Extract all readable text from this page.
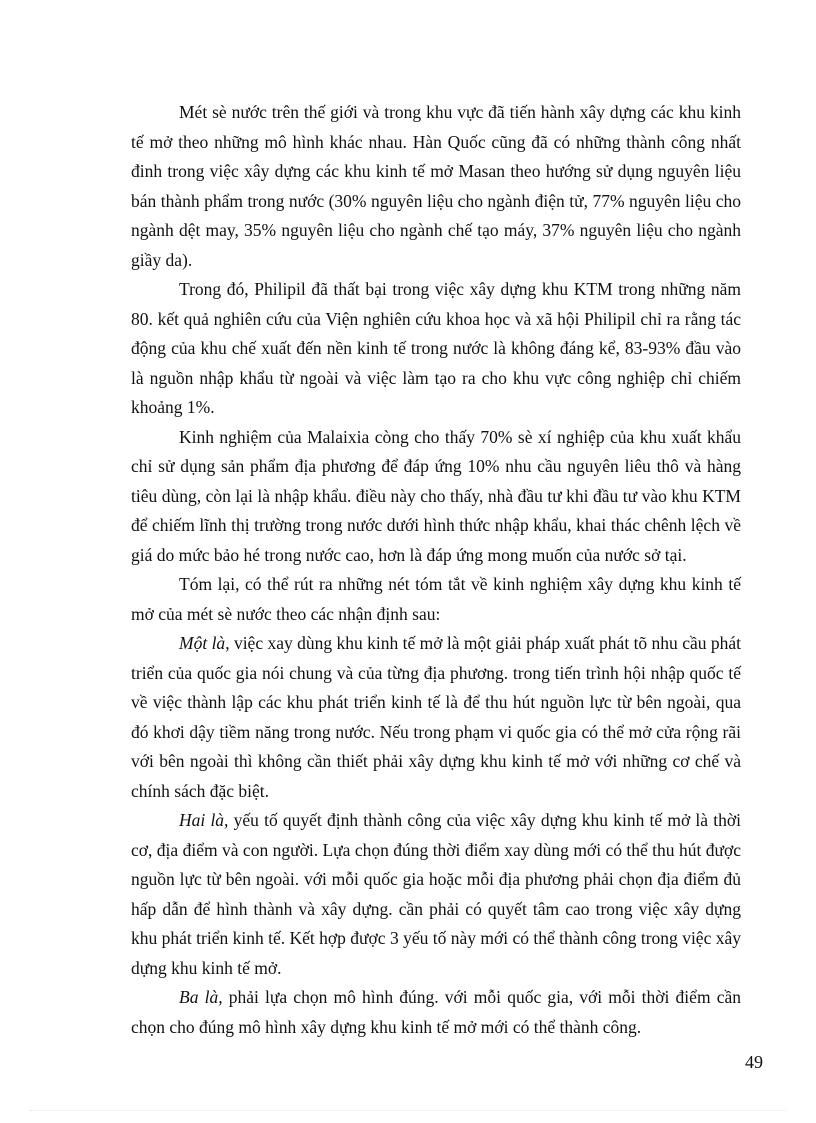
Mét sè nước trên thế giới và trong khu vực đã tiến hành xây dựng các khu kinh tế mở theo những mô hình khác nhau. Hàn Quốc cũng đã có những thành công nhất đinh trong việc xây dựng các khu kinh tế mở Masan theo hướng sử dụng nguyên liệu bán thành phẩm trong nước (30% nguyên liệu cho ngành điện tử, 77% nguyên liệu cho ngành dệt may, 35% nguyên liệu cho ngành chế tạo máy, 37% nguyên liệu cho ngành giầy da).

Trong đó, Philipil đã thất bại trong việc xây dựng khu KTM trong những năm 80. kết quả nghiên cứu của Viện nghiên cứu khoa học và xã hội Philipil chỉ ra rằng tác động của khu chế xuất đến nền kinh tế trong nước là không đáng kể, 83-93% đầu vào là nguồn nhập khẩu từ ngoài và việc làm tạo ra cho khu vực công nghiệp chỉ chiếm khoảng 1%.

Kinh nghiệm của Malaixia còng cho thấy 70% sè xí nghiệp của khu xuất khẩu chỉ sử dụng sản phẩm địa phương để đáp ứng 10% nhu cầu nguyên liêu thô và hàng tiêu dùng, còn lại là nhập khẩu. điều này cho thấy, nhà đầu tư khi đầu tư vào khu KTM để chiếm lĩnh thị trường trong nước dưới hình thức nhập khẩu, khai thác chênh lệch về giá do mức bảo hé trong nước cao, hơn là đáp ứng mong muốn của nước sở tại.

Tóm lại, có thể rút ra những nét tóm tắt về kinh nghiệm xây dựng khu kinh tế mở của mét sè nước theo các nhận định sau:

Một là, việc xay dùng khu kinh tế mở là một giải pháp xuất phát tõ nhu cầu phát triển của quốc gia nói chung và của từng địa phương. trong tiến trình hội nhập quốc tế về việc thành lập các khu phát triển kinh tế là để thu hút nguồn lực từ bên ngoài, qua đó khơi dậy tiềm năng trong nước. Nếu trong phạm vi quốc gia có thể mở cửa rộng rãi với bên ngoài thì không cần thiết phải xây dựng khu kinh tế mở với những cơ chế và chính sách đặc biệt.

Hai là, yếu tố quyết định thành công của việc xây dựng khu kinh tế mở là thời cơ, địa điểm và con người. Lựa chọn đúng thời điểm xay dùng mới có thể thu hút được nguồn lực từ bên ngoài. với mỗi quốc gia hoặc mỗi địa phương phải chọn địa điểm đủ hấp dẫn để hình thành và xây dựng. cần phải có quyết tâm cao trong việc xây dựng khu phát triển kinh tế. Kết hợp được 3 yếu tố này mới có thể thành công trong việc xây dựng khu kinh tế mở.

Ba là, phải lựa chọn mô hình đúng. với mỗi quốc gia, với mỗi thời điểm cần chọn cho đúng mô hình xây dựng khu kinh tế mở mới có thể thành công.

49
